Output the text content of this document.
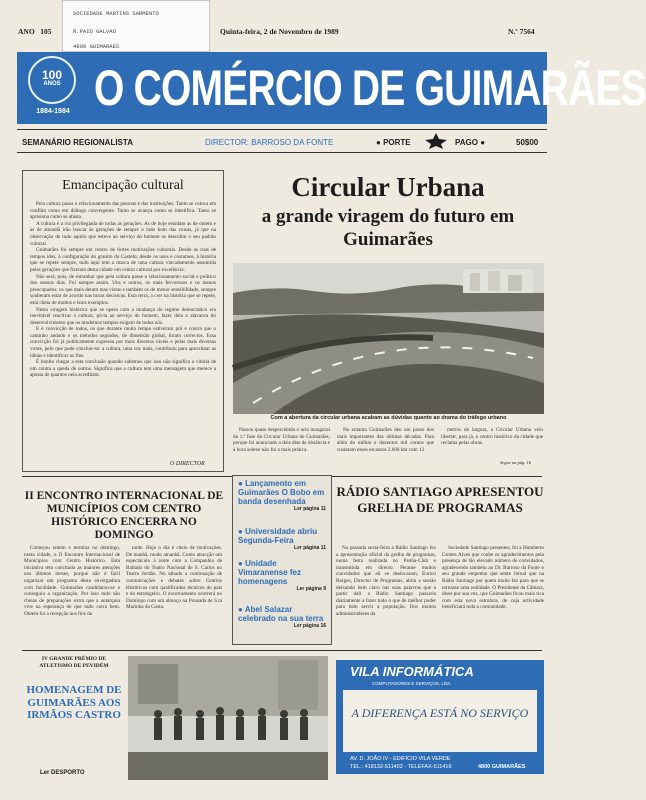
SOCIEDADE MARTINS SARMENTO
R.PAIO GALVAO
4800 GUIMARAES
ANO 105	Quinta-feira, 2 de Novembro de 1989	N.º 7564
100
ANOS
1884-1984 O COMÉRCIO DE GUIMARÃES
SEMANÁRIO REGIONALISTA	DIRECTOR: BARROSO DA FONTE	● PORTE	PAGO ●	50$00
Emancipação cultural

Pela cultura passa o relacionamento das pessoas e das instituições. Tanto se coloca em conflito como em diálogo convergente. Tanto se avança como se identifica. Tanto se aprisiona como se afasta.

A cultura é a via privilegiada de todas as gerações. As de hoje estudam as de ontem e as de amanhã irão buscar às gerações de sempre o lado bom das coisas, já que na observação de tudo aquilo que esteve ao serviço do homem se descobre o seu padrão cultural.

Guimarães foi sempre um centro de fortes motivações culturais. Desde as ruas de tempos idos, à configuração do granito do Castelo; desde os usos e costumes, à história que se repete sempre, tudo aqui tem a marca de uma cultura vincadamente assumida pelas gerações que fizeram desta cidade um centro cultural por excelência.

Não será, pois, de estranhar que pela cultura passe o relacionamento social e político dos nossos dias. Foi sempre assim. Uns e outros, os mais fervorosos e os menos preocupados; os que mais deram mas vistas e também os de menor sensibilidade, sempre souberam estar de acordo nas horas decisivas. Esta terra, a crer na história que se repete, está cheia de muitos e bons exemplos.

Nesta viragem histórica que se opera com a mudança do regime democrático era inevitável reactivar a cultura, pô-la ao serviço do homem, fazer dela a alavanca do desenvolvimento que os modernos tempos exigem de todos nós.

E é convicção de todos, os que durante muito tempo estiveram pró e contra que o caminho andado e os métodos seguidos, de dimensão global, foram correctos. Essa convicção foi já publicamente expressa por mais diversos níveis e pelas mais diversas vozes, pelo que pode concluir-se: a cultura, uma vez mais, contribuiu para aproximar as ideias e identificar os fins.

É bonito chegar a esta conclusão quando sabemos que isso não significa a vitória de um contra a queda de outros. Significa que a cultura tem uma mensagem que merece a aposta de quantos nela acreditam.

O DIRECTOR
Circular Urbana
a grande viragem do futuro em Guimarães
Com a abertura da circular urbana acabam as dúvidas quanto ao drama do tráfego urbano

Passou quase despercebido o acto inaugural da 1.ª fase da Circular Urbana de Guimarães, porque foi anunciado a dois dias de distância e à hora solene não foi a mais prática.

No entanto Guimarães deu um passo dos mais importantes das últimas décadas. Para além do milhar e duzentos mil contos que custaram esses escassos 2.600 km com 12

metros de largura, a Circular Urbana veio libertar, para já, o centro histórico da cidade que reclama pelas obras.

Segue na pág. 16
II ENCONTRO INTERNACIONAL DE MUNICÍPIOS COM CENTRO HISTÓRICO ENCERRA NO DOMINGO

Começou ontem e termina no domingo, nesta cidade, o II Encontro Internacional de Municípios com Centro Histórico. Esta iniciativa tem concitado as maiores atenções nos últimos meses, porque não é fácil organizar um programa desta envergadura com facilidade. Guimarães candidatou-se e conseguiu a organização. Por isso tudo são cheias de preparações extra que a autarquia vive na esperança de que tudo corra bem. Ontem foi a recepção aos fins da

tarde. Hoje o dia é cheio de motivações. De manhã, modo amanhã. Como atracção um espectáculo à noite com a Companhia de Bailado do Teatro Nacional de S. Carlos no Teatro Jordão. No sábado a continuação de comunicações e debates sobre Centros Históricos com qualificados técnicos do país e do estrangeiro. O encerramento ocorrerá no Domingo com um almoço na Pousada de S.ta Marinha da Costa.

● Lançamento em Guimarães O Bobo em banda desenhada
Ler página 11
● Universidade abriu Segunda-Feira
Ler página 11
● Unidade Vimaranense fez homenagens
Ler página 9
● Abel Salazar celebrado na sua terra
Ler página 16
RÁDIO SANTIAGO APRESENTOU GRELHA DE PROGRAMAS

Na passada sexta-feira a Rádio Santiago fez a apresentação oficial da grelha de programas, numa festa realizada no Penha-Club e transmitida em directo. Perante muitos convidados que ali se deslocaram, Eurico Borges, Director de Programas, abriu a sessão deixando bem claro nas suas palavras que a partir dali a Rádio Santiago passaria diariamente a fazer tudo o que de melhor puder para bem servir a população. Dos muitos administradores da

Sociedade Santiago presentes, foi a Humberto Gomes Alves que coube os agradecimentos pela presença de tão elevado número de convidados, agradecendo também ao Dr. Barroso da Fonte o seu grande empenho que sente Jornal que na Rádio Santiago por quem muito fez para que se tornasse uma realidade. O Presidente da Câmara, disse por sua vez, que Guimarães ficou mais rica com esta nova estrutura, de cuja actividade beneficiará toda a comunidade.

IV GRANDE PRÉMIO DE ATLETISMO DE PEVIDÉM
HOMENAGEM DE GUIMARÃES AOS IRMÃOS CASTRO
Ler DESPORTO
VILA INFORMÁTICA
COMPUTADORES E SERVIÇOS, LDA.
A DIFERENÇA ESTÁ NO SERVIÇO
AV. D. JOÃO IV - EDIFÍCIO VILA VERDE
TEL.: 418132-511402 - TELEFAX-511416	4800 GUIMARÃES
